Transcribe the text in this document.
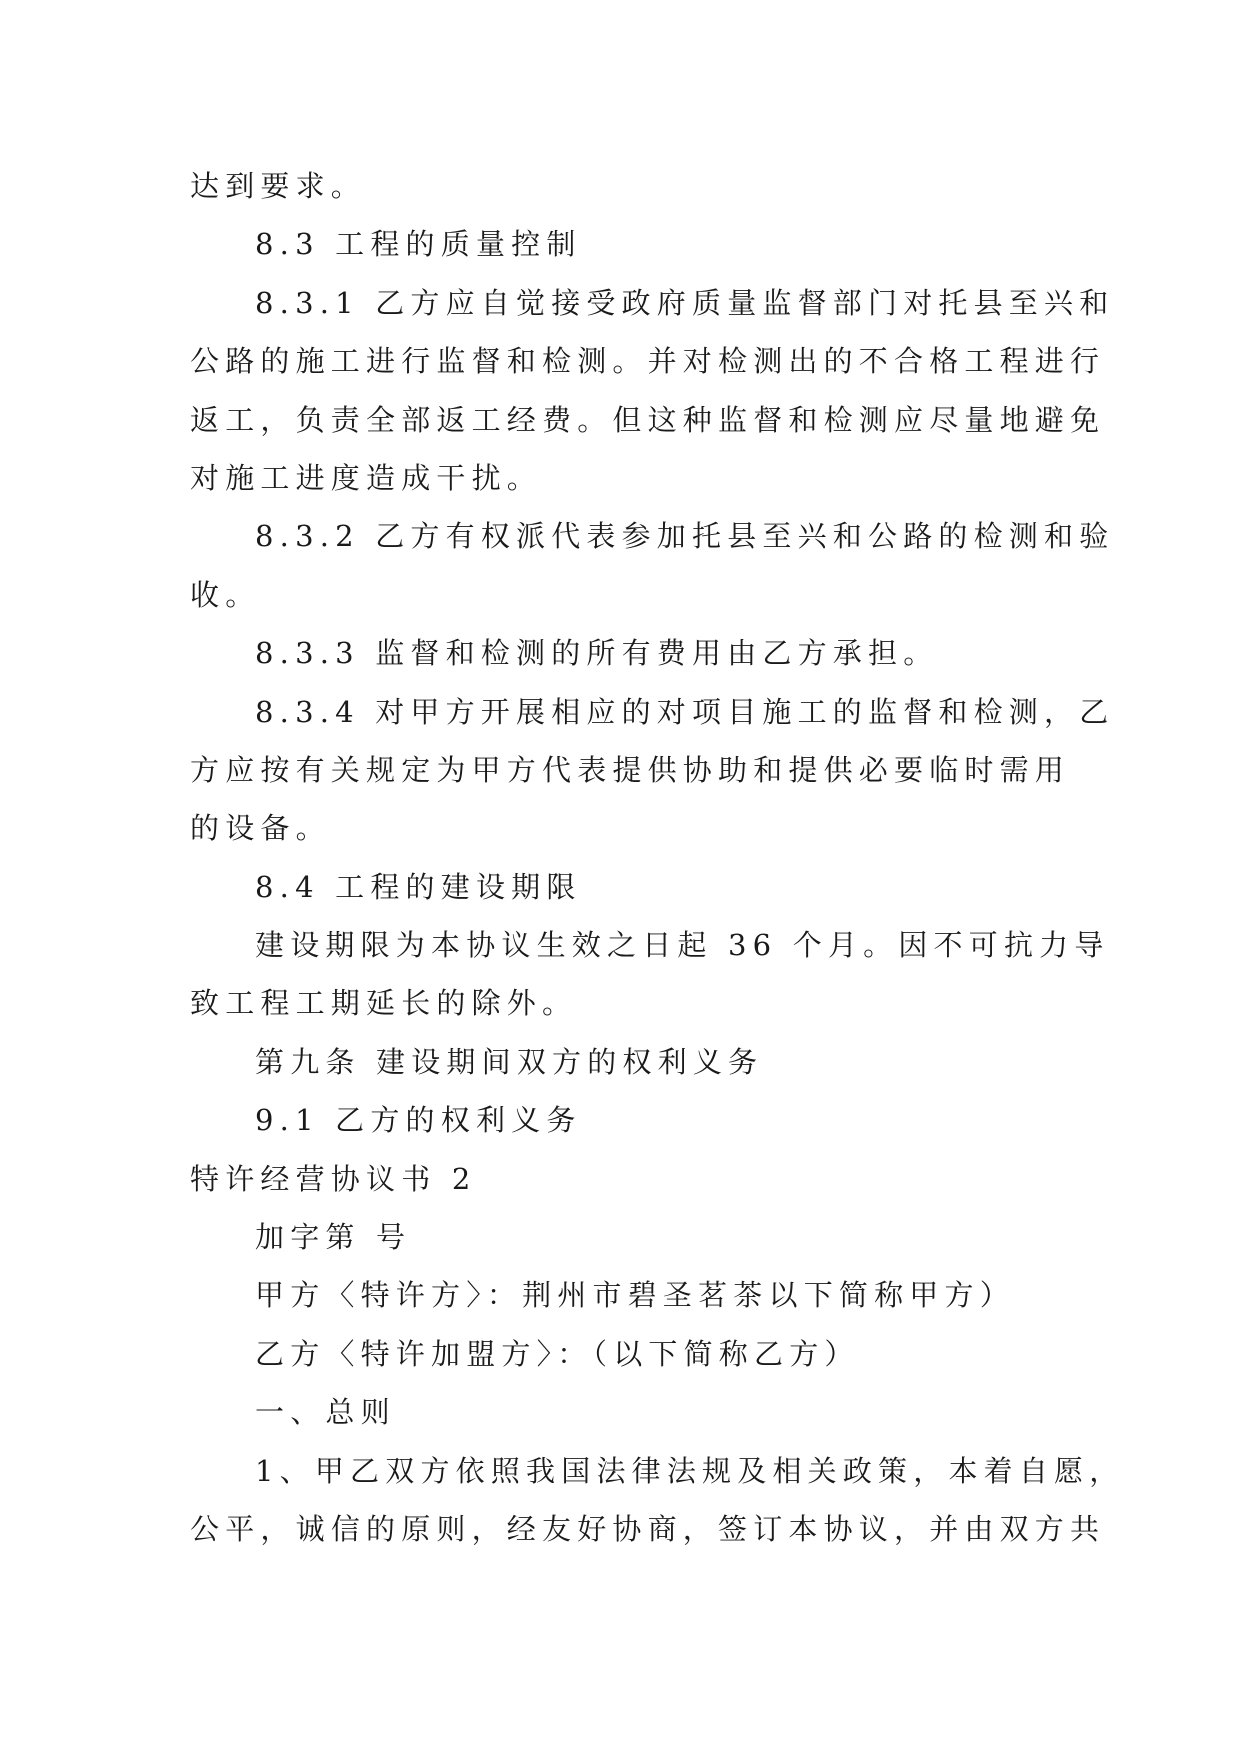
达到要求。
8.3 工程的质量控制
8.3.1 乙方应自觉接受政府质量监督部门对托县至兴和
公路的施工进行监督和检测。并对检测出的不合格工程进行
返工，负责全部返工经费。但这种监督和检测应尽量地避免
对施工进度造成干扰。
8.3.2 乙方有权派代表参加托县至兴和公路的检测和验
收。
8.3.3 监督和检测的所有费用由乙方承担。
8.3.4 对甲方开展相应的对项目施工的监督和检测，乙
方应按有关规定为甲方代表提供协助和提供必要临时需用
的设备。
8.4 工程的建设期限
建设期限为本协议生效之日起 36 个月。因不可抗力导
致工程工期延长的除外。
第九条 建设期间双方的权利义务
9.1 乙方的权利义务
特许经营协议书 2
加字第 号
甲方〈特许方〉：荆州市碧圣茗茶以下简称甲方）
乙方〈特许加盟方〉：（以下简称乙方）
一、总则
1、甲乙双方依照我国法律法规及相关政策，本着自愿，
公平，诚信的原则，经友好协商，签订本协议，并由双方共
